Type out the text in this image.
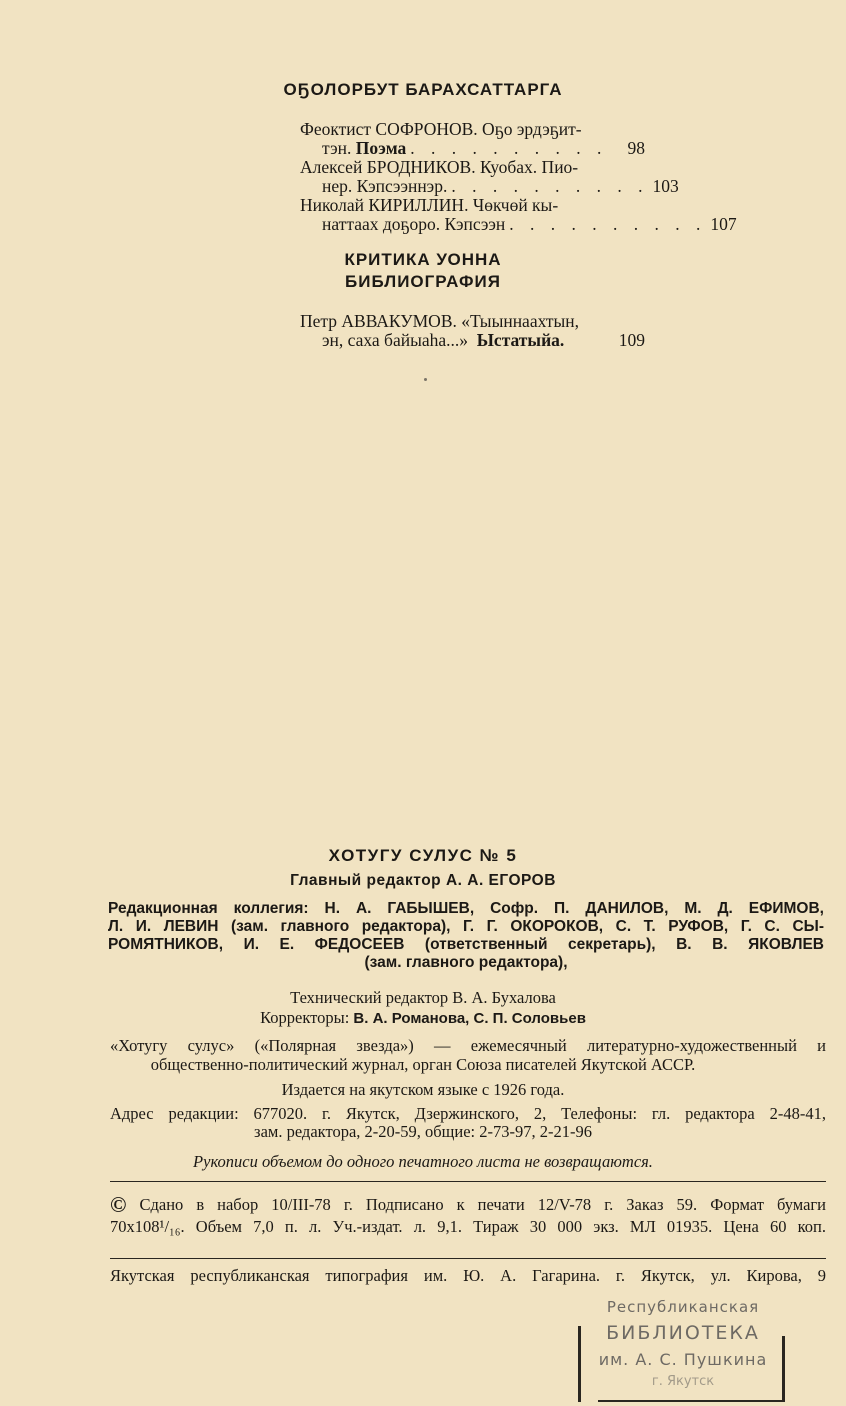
ОҔОЛОРБУТ БАРАХСАТТАРГА
Феоктист СОФРОНОВ. Оҕо эрдэҕит-
тэн.
Поэма . . . . . . . . . .	98
Алексей БРОДНИКОВ. Куобах. Пио-
нер. Кэпсээннэр. . . . . . . . . . . 103
Николай КИРИЛЛИН. Чөкчөй кы-
наттаах доҕоро. Кэпсээн . . . . . . . . . . 107
КРИТИКА УОННА
БИБЛИОГРАФИЯ
Петр АВВАКУМОВ. «Тыыннаахтын,
эн, саха байыаһа...»
Ыстатыйа.	109
ХОТУГУ СУЛУС № 5
Главный редактор А. А. ЕГОРОВ
Редакционная коллегия: Н. А. ГАБЫШЕВ, Софр. П. ДАНИЛОВ, М. Д. ЕФИМОВ,
Л. И. ЛЕВИН (зам. главного редактора), Г. Г. ОКОРОКОВ, С. Т. РУФОВ, Г. С. СЫ-
РОМЯТНИКОВ, И. Е. ФЕДОСЕЕВ (ответственный секретарь), В. В. ЯКОВЛЕВ
(зам. главного редактора),
Технический редактор В. А. Бухалова
Корректоры: В. А. Романова, С. П. Соловьев
«Хотугу сулус» («Полярная звезда») — ежемесячный литературно-художественный и
общественно-политический журнал, орган Союза писателей Якутской АССР.
Издается на якутском языке с 1926 года.
Адрес редакции: 677020. г. Якутск, Дзержинского, 2, Телефоны: гл. редактора 2-48-41,
зам. редактора, 2-20-59, общие: 2-73-97, 2-21-96
Рукописи объемом до одного печатного листа не возвращаются.
© Сдано в набор 10/III-78 г. Подписано к печати 12/V-78 г. Заказ 59. Формат бумаги
70x108¹/₁₆. Объем 7,0 п. л. Уч.-издат. л. 9,1. Тираж 30 000 экз. МЛ 01935. Цена 60 коп.
Якутская республиканская типография им. Ю. А. Гагарина. г. Якутск, ул. Кирова, 9
Республиканская
БИБЛИОТЕКА
им. А. С. Пушкина
г. Якутск
